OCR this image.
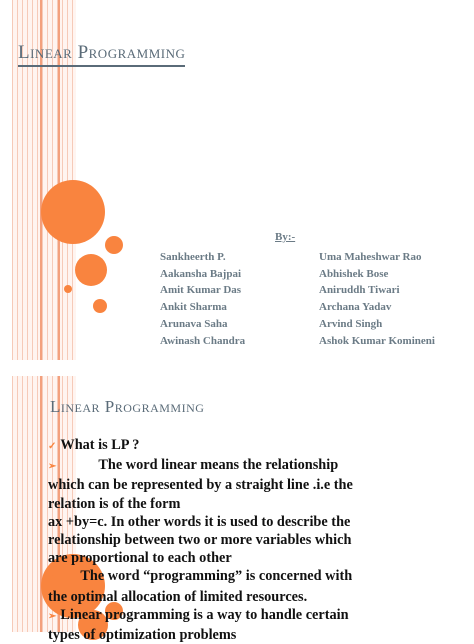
Linear Programming
By:-
Sankheerth P.
Aakansha Bajpai
Amit Kumar Das
Ankit Sharma
Arunava Saha
Awinash Chandra
Uma Maheshwar Rao
Abhishek Bose
Aniruddh Tiwari
Archana Yadav
Arvind Singh
Ashok Kumar Komineni
Linear Programming
✓ What is LP ?
➢	The word linear means the relationship
which can be represented by a straight line .i.e the
relation is of the form
ax +by=c. In other words it is used to describe the
relationship between two or more variables which
are proportional to each other
➢ The word “programming” is concerned with
the optimal allocation of limited resources.
➢ Linear programming is a way to handle certain
types of optimization problems
